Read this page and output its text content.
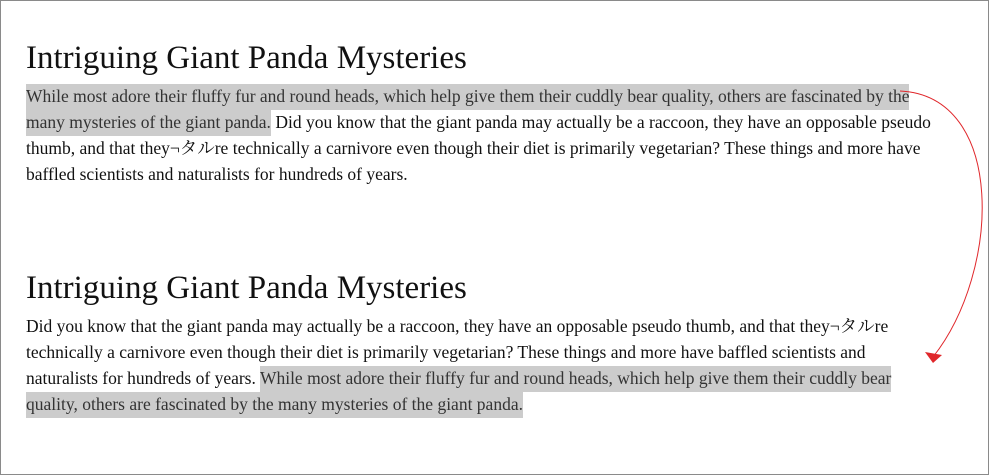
Intriguing Giant Panda Mysteries

While most adore their fluffy fur and round heads, which help give them their cuddly bear quality, others are fascinated by the many mysteries of the giant panda. Did you know that the giant panda may actually be a raccoon, they have an opposable pseudo thumb, and that they¬タルre technically a carnivore even though their diet is primarily vegetarian? These things and more have baffled scientists and naturalists for hundreds of years.

Intriguing Giant Panda Mysteries

Did you know that the giant panda may actually be a raccoon, they have an opposable pseudo thumb, and that they¬タルre technically a carnivore even though their diet is primarily vegetarian? These things and more have baffled scientists and naturalists for hundreds of years. While most adore their fluffy fur and round heads, which help give them their cuddly bear quality, others are fascinated by the many mysteries of the giant panda.
